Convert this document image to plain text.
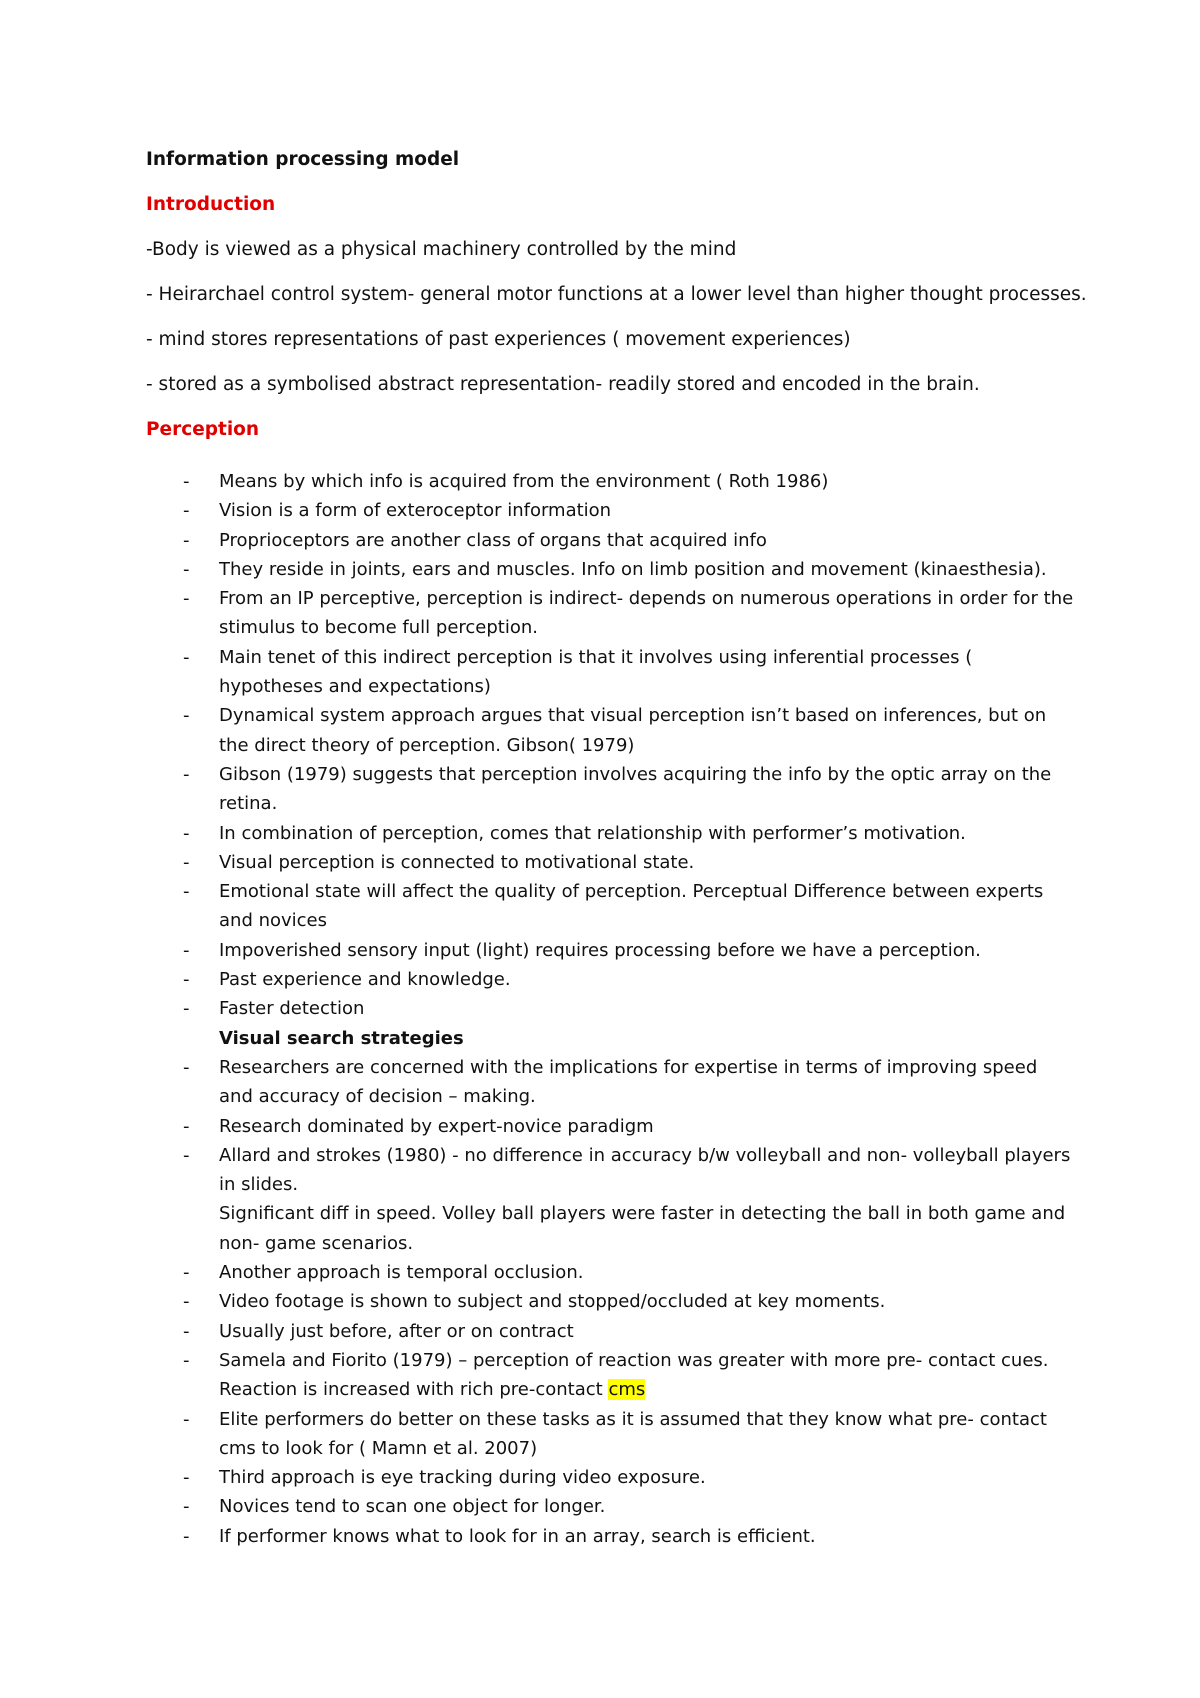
Information processing model
Introduction
-Body is viewed as a physical machinery controlled by the mind
- Heirarchael control system- general motor functions at a lower level than higher thought processes.
- mind stores representations of past experiences ( movement experiences)
- stored as a symbolised abstract representation- readily stored and encoded in the brain.
Perception
- Means by which info is acquired from the environment ( Roth 1986)
- Vision is a form of exteroceptor information
- Proprioceptors are another class of organs that acquired info
- They reside in joints, ears and muscles. Info on limb position and movement (kinaesthesia).
- From an IP perceptive, perception is indirect- depends on numerous operations in order for the stimulus to become full perception.
- Main tenet of this indirect perception is that it involves using inferential processes ( hypotheses and expectations)
- Dynamical system approach argues that visual perception isn’t based on inferences, but on the direct theory of perception. Gibson( 1979)
- Gibson (1979) suggests that perception involves acquiring the info by the optic array on the retina.
- In combination of perception, comes that relationship with performer’s motivation.
- Visual perception is connected to motivational state.
- Emotional state will affect the quality of perception. Perceptual Difference between experts and novices
- Impoverished sensory input (light) requires processing before we have a perception.
- Past experience and knowledge.
- Faster detection
Visual search strategies
- Researchers are concerned with the implications for expertise in terms of improving speed and accuracy of decision – making.
- Research dominated by expert-novice paradigm
- Allard and strokes (1980) - no difference in accuracy b/w volleyball and non- volleyball players in slides.
Significant diff in speed. Volley ball players were faster in detecting the ball in both game and non- game scenarios.
- Another approach is temporal occlusion.
- Video footage is shown to subject and stopped/occluded at key moments.
- Usually just before, after or on contract
- Samela and Fiorito (1979) – perception of reaction was greater with more pre- contact cues.
Reaction is increased with rich pre-contact cms
- Elite performers do better on these tasks as it is assumed that they know what pre- contact cms to look for ( Mamn et al. 2007)
- Third approach is eye tracking during video exposure.
- Novices tend to scan one object for longer.
- If performer knows what to look for in an array, search is efficient.
